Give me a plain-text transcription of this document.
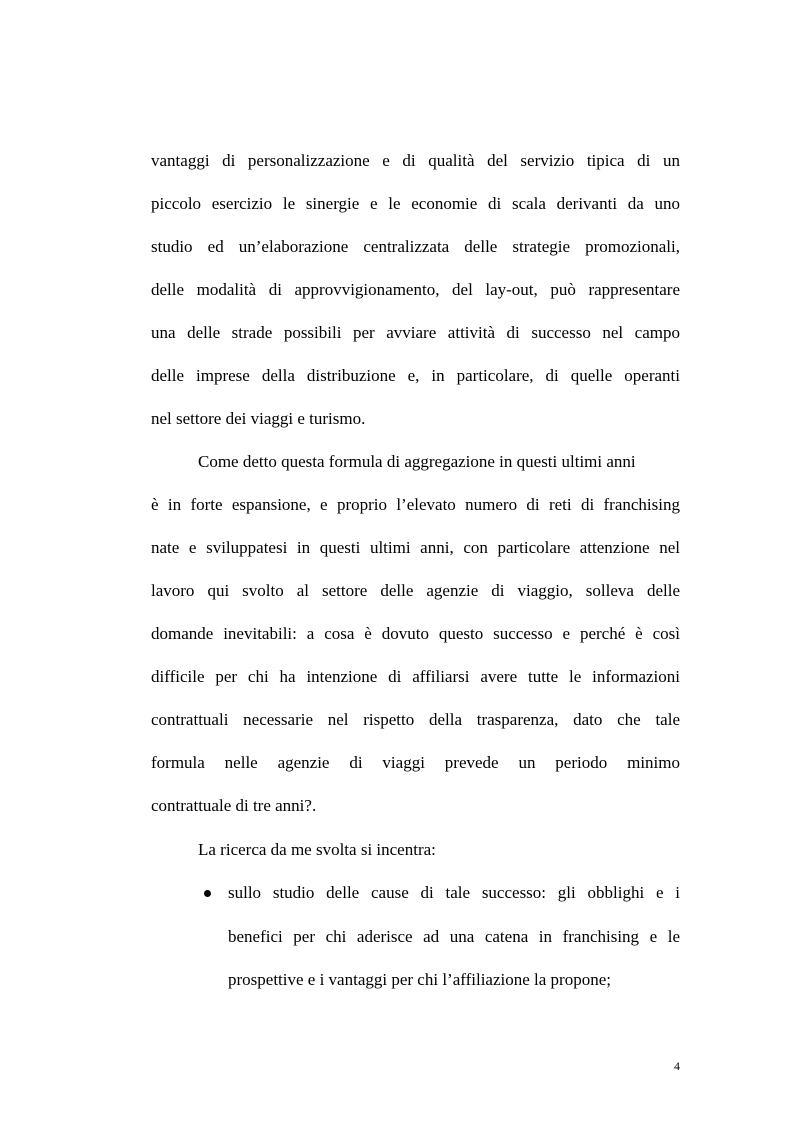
vantaggi di personalizzazione e di qualità del servizio tipica di un
piccolo esercizio le sinergie e le economie di scala derivanti da uno
studio ed un’elaborazione centralizzata delle strategie promozionali,
delle modalità di approvvigionamento, del lay-out, può rappresentare
una delle strade possibili per avviare attività di successo nel campo
delle imprese della distribuzione e, in particolare, di quelle operanti
nel settore dei viaggi e turismo.
Come detto questa formula di aggregazione in questi ultimi anni
è in forte espansione, e proprio l’elevato numero di reti di franchising
nate e sviluppatesi in questi ultimi anni, con particolare attenzione nel
lavoro qui svolto al settore delle agenzie di viaggio, solleva delle
domande inevitabili: a cosa è dovuto questo successo e perché è così
difficile per chi ha intenzione di affiliarsi avere tutte le informazioni
contrattuali necessarie nel rispetto della trasparenza, dato che tale
formula nelle agenzie di viaggi prevede un periodo minimo
contrattuale di tre anni?.
La ricerca da me svolta si incentra:
sullo studio delle cause di tale successo: gli obblighi e i
benefici per chi aderisce ad una catena in franchising e le
prospettive e i vantaggi per chi l’affiliazione la propone;
4
